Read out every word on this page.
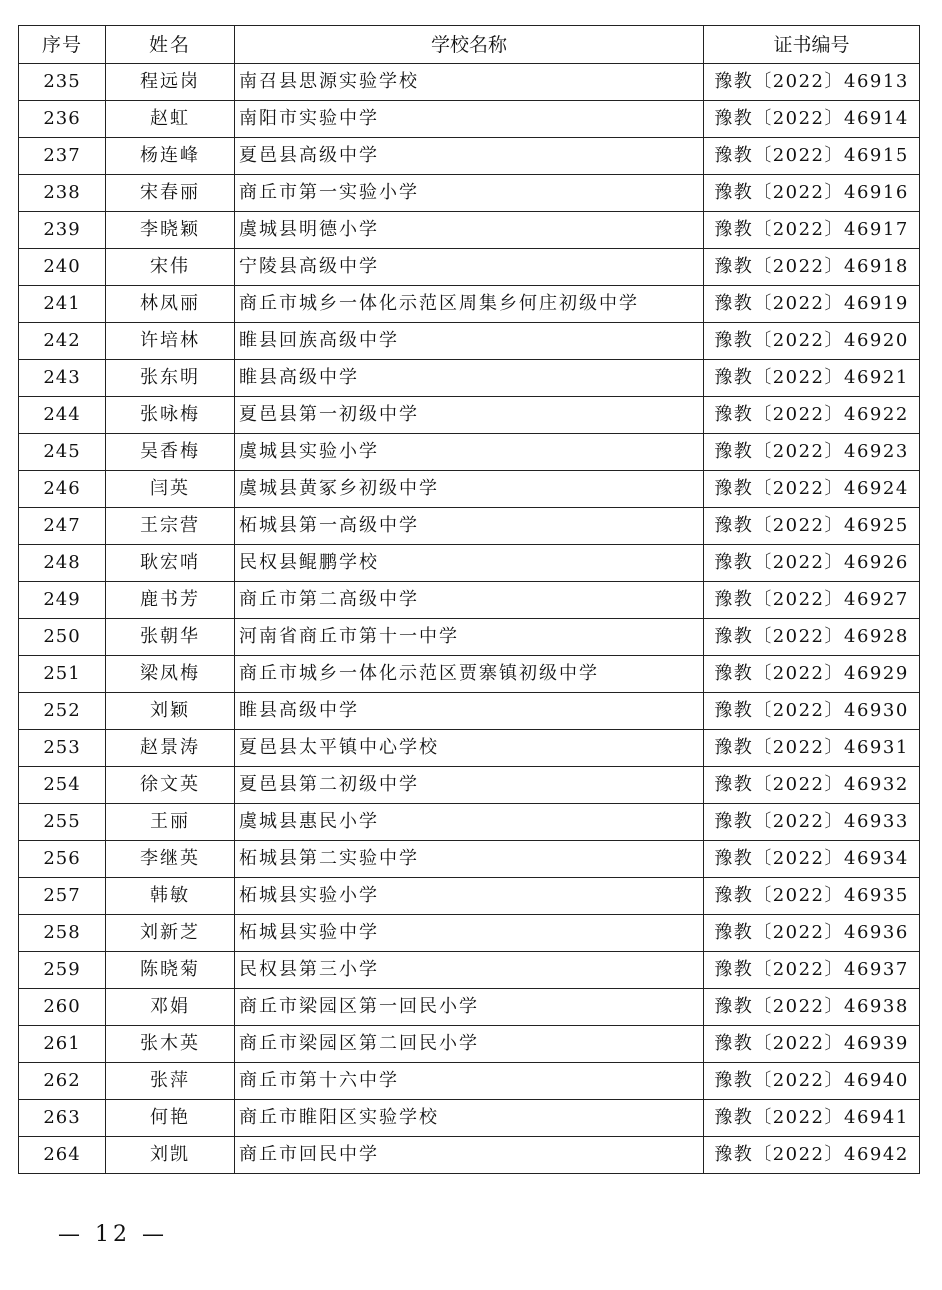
序号	姓名	学校名称	证书编号
235	程远岗	南召县思源实验学校	豫教〔2022〕46913
236	赵虹	南阳市实验中学	豫教〔2022〕46914
237	杨连峰	夏邑县高级中学	豫教〔2022〕46915
238	宋春丽	商丘市第一实验小学	豫教〔2022〕46916
239	李晓颖	虞城县明德小学	豫教〔2022〕46917
240	宋伟	宁陵县高级中学	豫教〔2022〕46918
241	林凤丽	商丘市城乡一体化示范区周集乡何庄初级中学	豫教〔2022〕46919
242	许培林	睢县回族高级中学	豫教〔2022〕46920
243	张东明	睢县高级中学	豫教〔2022〕46921
244	张咏梅	夏邑县第一初级中学	豫教〔2022〕46922
245	吴香梅	虞城县实验小学	豫教〔2022〕46923
246	闫英	虞城县黄冢乡初级中学	豫教〔2022〕46924
247	王宗营	柘城县第一高级中学	豫教〔2022〕46925
248	耿宏哨	民权县鲲鹏学校	豫教〔2022〕46926
249	鹿书芳	商丘市第二高级中学	豫教〔2022〕46927
250	张朝华	河南省商丘市第十一中学	豫教〔2022〕46928
251	梁凤梅	商丘市城乡一体化示范区贾寨镇初级中学	豫教〔2022〕46929
252	刘颖	睢县高级中学	豫教〔2022〕46930
253	赵景涛	夏邑县太平镇中心学校	豫教〔2022〕46931
254	徐文英	夏邑县第二初级中学	豫教〔2022〕46932
255	王丽	虞城县惠民小学	豫教〔2022〕46933
256	李继英	柘城县第二实验中学	豫教〔2022〕46934
257	韩敏	柘城县实验小学	豫教〔2022〕46935
258	刘新芝	柘城县实验中学	豫教〔2022〕46936
259	陈晓菊	民权县第三小学	豫教〔2022〕46937
260	邓娟	商丘市梁园区第一回民小学	豫教〔2022〕46938
261	张木英	商丘市梁园区第二回民小学	豫教〔2022〕46939
262	张萍	商丘市第十六中学	豫教〔2022〕46940
263	何艳	商丘市睢阳区实验学校	豫教〔2022〕46941
264	刘凯	商丘市回民中学	豫教〔2022〕46942
— 12 —
